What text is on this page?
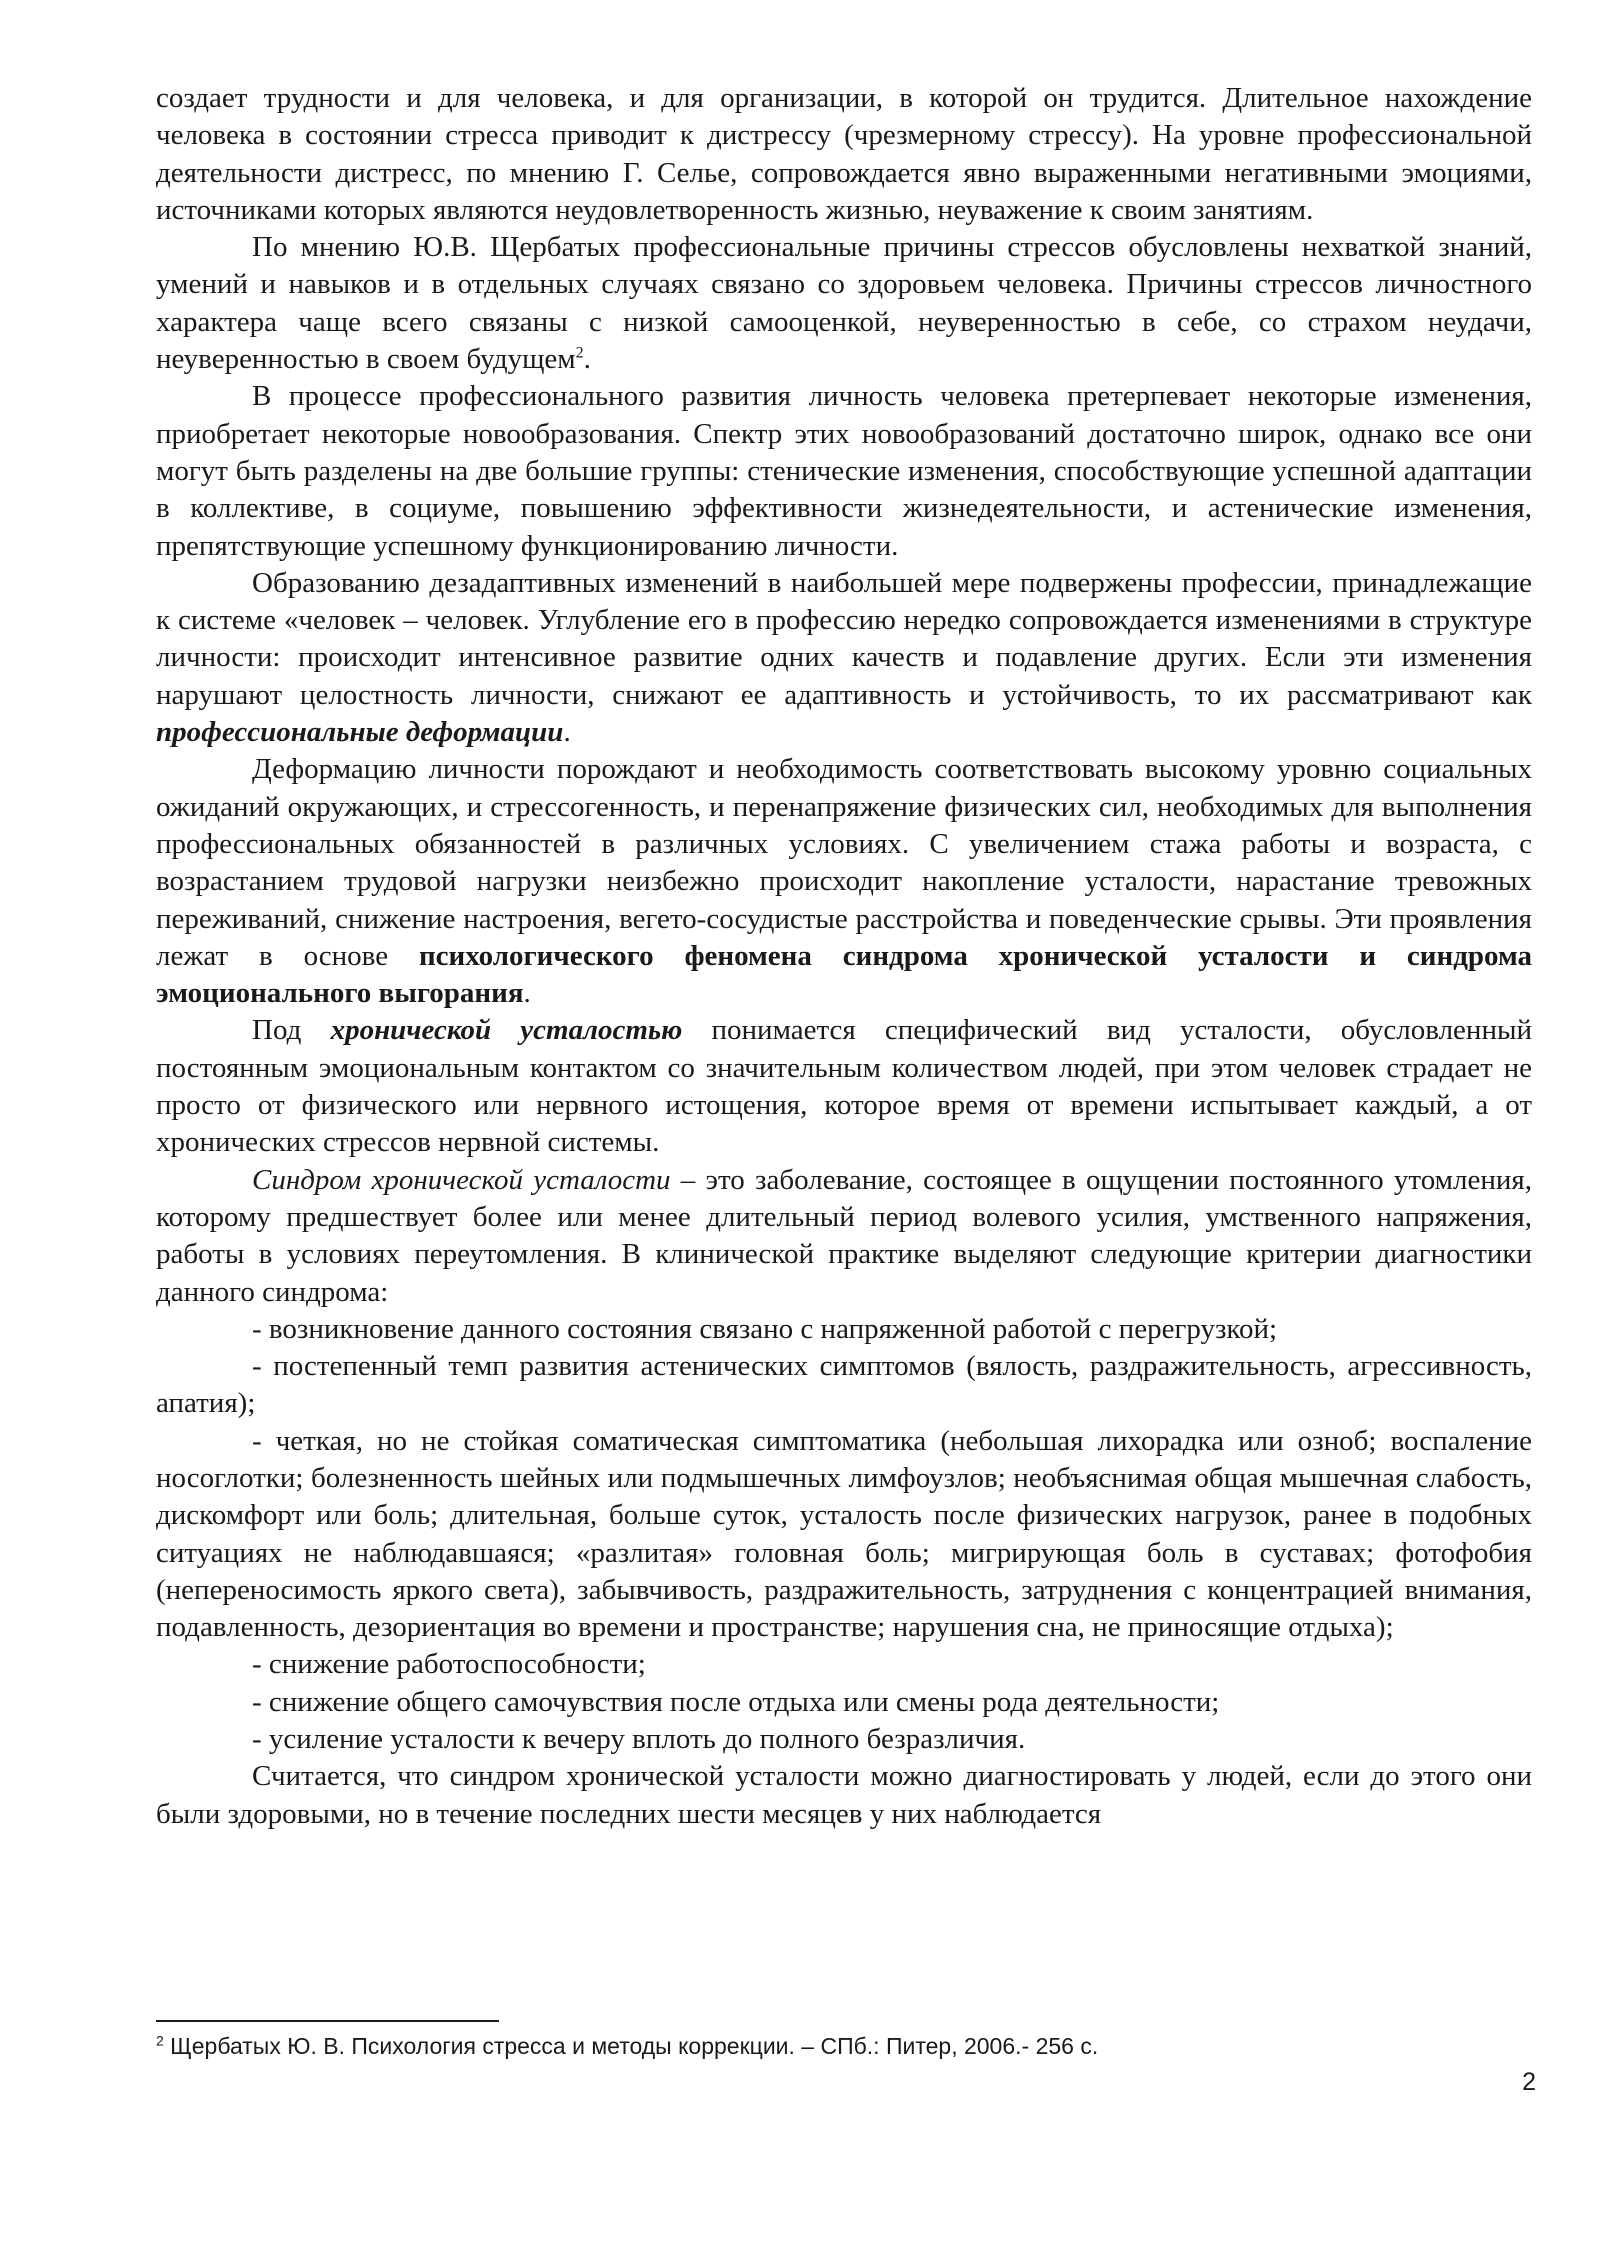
создает трудности и для человека, и для организации, в которой он трудится. Длительное нахождение человека в состоянии стресса приводит к дистрессу (чрезмерному стрессу). На уровне профессиональной деятельности дистресс, по мнению Г. Селье, сопровождается явно выраженными негативными эмоциями, источниками которых являются неудовлетворенность жизнью, неуважение к своим занятиям.

По мнению Ю.В. Щербатых профессиональные причины стрессов обусловлены нехваткой знаний, умений и навыков и в отдельных случаях связано со здоровьем человека. Причины стрессов личностного характера чаще всего связаны с низкой самооценкой, неуверенностью в себе, со страхом неудачи, неуверенностью в своем будущем$^2$.

В процессе профессионального развития личность человека претерпевает некоторые изменения, приобретает некоторые новообразования. Спектр этих новообразований достаточно широк, однако все они могут быть разделены на две большие группы: стенические изменения, способствующие успешной адаптации в коллективе, в социуме, повышению эффективности жизнедеятельности, и астенические изменения, препятствующие успешному функционированию личности.

Образованию дезадаптивных изменений в наибольшей мере подвержены профессии, принадлежащие к системе «человек – человек. Углубление его в профессию нередко сопровождается изменениями в структуре личности: происходит интенсивное развитие одних качеств и подавление других. Если эти изменения нарушают целостность личности, снижают ее адаптивность и устойчивость, то их рассматривают как профессиональные деформации.

Деформацию личности порождают и необходимость соответствовать высокому уровню социальных ожиданий окружающих, и стрессогенность, и перенапряжение физических сил, необходимых для выполнения профессиональных обязанностей в различных условиях. С увеличением стажа работы и возраста, с возрастанием трудовой нагрузки неизбежно происходит накопление усталости, нарастание тревожных переживаний, снижение настроения, вегето-сосудистые расстройства и поведенческие срывы. Эти проявления лежат в основе психологического феномена синдрома хронической усталости и синдрома эмоционального выгорания.

Под хронической усталостью понимается специфический вид усталости, обусловленный постоянным эмоциональным контактом со значительным количеством людей, при этом человек страдает не просто от физического или нервного истощения, которое время от времени испытывает каждый, а от хронических стрессов нервной системы.

Синдром хронической усталости – это заболевание, состоящее в ощущении постоянного утомления, которому предшествует более или менее длительный период волевого усилия, умственного напряжения, работы в условиях переутомления. В клинической практике выделяют следующие критерии диагностики данного синдрома:

- возникновение данного состояния связано с напряженной работой с перегрузкой;

- постепенный темп развития астенических симптомов (вялость, раздражительность, агрессивность, апатия);

- четкая, но не стойкая соматическая симптоматика (небольшая лихорадка или озноб; воспаление носоглотки; болезненность шейных или подмышечных лимфоузлов; необъяснимая общая мышечная слабость, дискомфорт или боль; длительная, больше суток, усталость после физических нагрузок, ранее в подобных ситуациях не наблюдавшаяся; «разлитая» головная боль; мигрирующая боль в суставах; фотофобия (непереносимость яркого света), забывчивость, раздражительность, затруднения с концентрацией внимания, подавленность, дезориентация во времени и пространстве; нарушения сна, не приносящие отдыха);

- снижение работоспособности;

- снижение общего самочувствия после отдыха или смены рода деятельности;

- усиление усталости к вечеру вплоть до полного безразличия.

Считается, что синдром хронической усталости можно диагностировать у людей, если до этого они были здоровыми, но в течение последних шести месяцев у них наблюдается

$^2$ Щербатых Ю. В. Психология стресса и методы коррекции. – СПб.: Питер, 2006.- 256 с.
2
